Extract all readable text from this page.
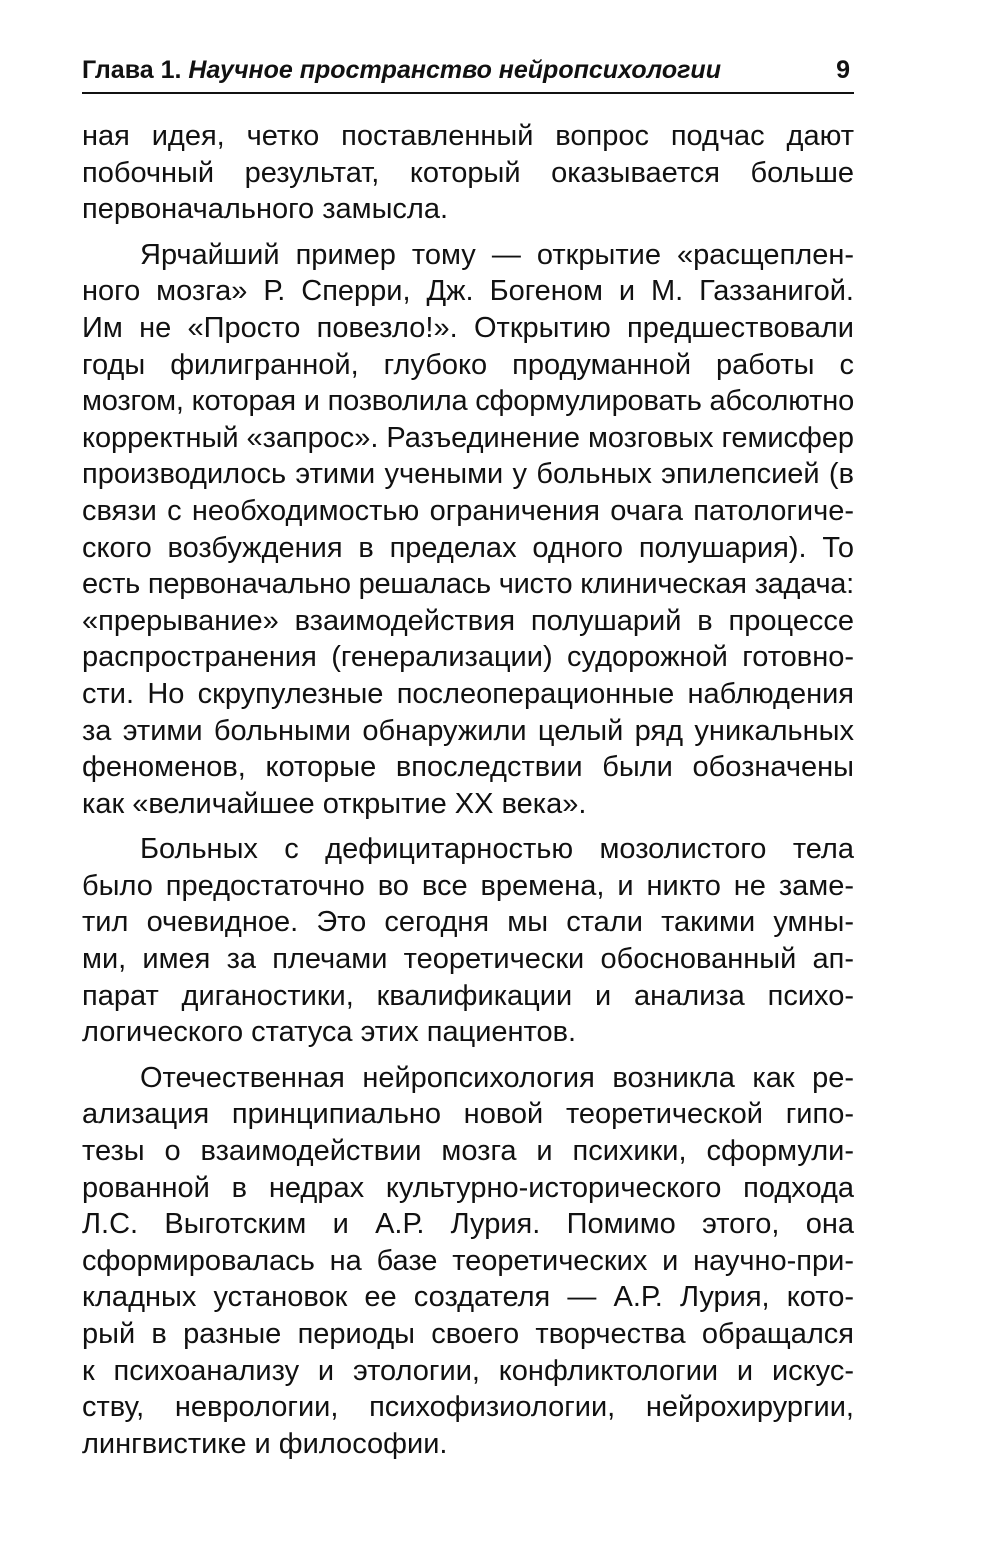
Глава 1. Научное пространство нейропсихологии	9
ная идея, четко поставленный вопрос подчас дают
побочный результат, который оказывается больше
первоначального замысла.
Ярчайший пример тому — открытие «расщеплен-
ного мозга» Р. Сперри, Дж. Богеном и М. Газзанигой.
Им не «Просто повезло!». Открытию предшествовали
годы филигранной, глубоко продуманной работы с
мозгом, которая и позволила сформулировать абсолютно
корректный «запрос». Разъединение мозговых гемисфер
производилось этими учеными у больных эпилепсией (в
связи с необходимостью ограничения очага патологиче-
ского возбуждения в пределах одного полушария). То
есть первоначально решалась чисто клиническая задача:
«прерывание» взаимодействия полушарий в процессе
распространения (генерализации) судорожной готовно-
сти. Но скрупулезные послеоперационные наблюдения
за этими больными обнаружили целый ряд уникальных
феноменов, которые впоследствии были обозначены
как «величайшее открытие XX века».
Больных с дефицитарностью мозолистого тела
было предостаточно во все времена, и никто не заме-
тил очевидное. Это сегодня мы стали такими умны-
ми, имея за плечами теоретически обоснованный ап-
парат диганостики, квалификации и анализа психо-
логического статуса этих пациентов.
Отечественная нейропсихология возникла как ре-
ализация принципиально новой теоретической гипо-
тезы о взаимодействии мозга и психики, сформули-
рованной в недрах культурно-исторического подхода
Л.С. Выготским и А.Р. Лурия. Помимо этого, она
сформировалась на базе теоретических и научно-при-
кладных установок ее создателя — А.Р. Лурия, кото-
рый в разные периоды своего творчества обращался
к психоанализу и этологии, конфликтологии и искус-
ству, неврологии, психофизиологии, нейрохирургии,
лингвистике и философии.
